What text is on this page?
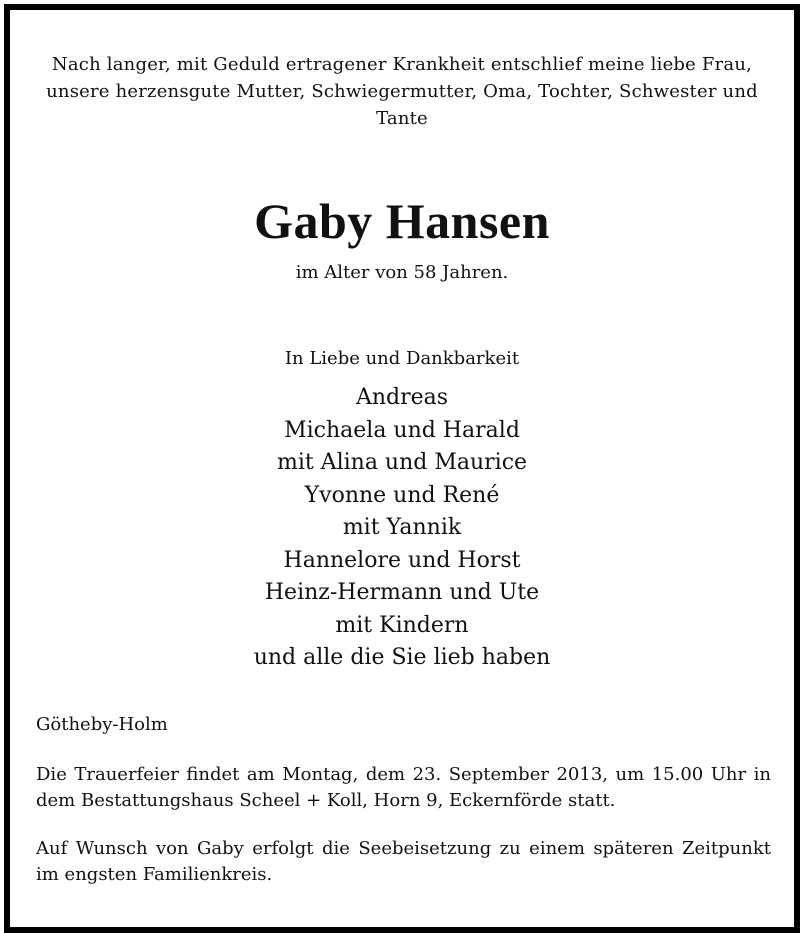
Nach langer, mit Geduld ertragener Krankheit entschlief meine liebe Frau, unsere herzensgute Mutter, Schwiegermutter, Oma, Tochter, Schwester und Tante
Gaby Hansen
im Alter von 58 Jahren.
In Liebe und Dankbarkeit
Andreas
Michaela und Harald
mit Alina und Maurice
Yvonne und René
mit Yannik
Hannelore und Horst
Heinz-Hermann und Ute
mit Kindern
und alle die Sie lieb haben
Götheby-Holm
Die Trauerfeier findet am Montag, dem 23. September 2013, um 15.00 Uhr in dem Bestattungshaus Scheel + Koll, Horn 9, Eckernförde statt.
Auf Wunsch von Gaby erfolgt die Seebeisetzung zu einem späteren Zeitpunkt im engsten Familienkreis.
